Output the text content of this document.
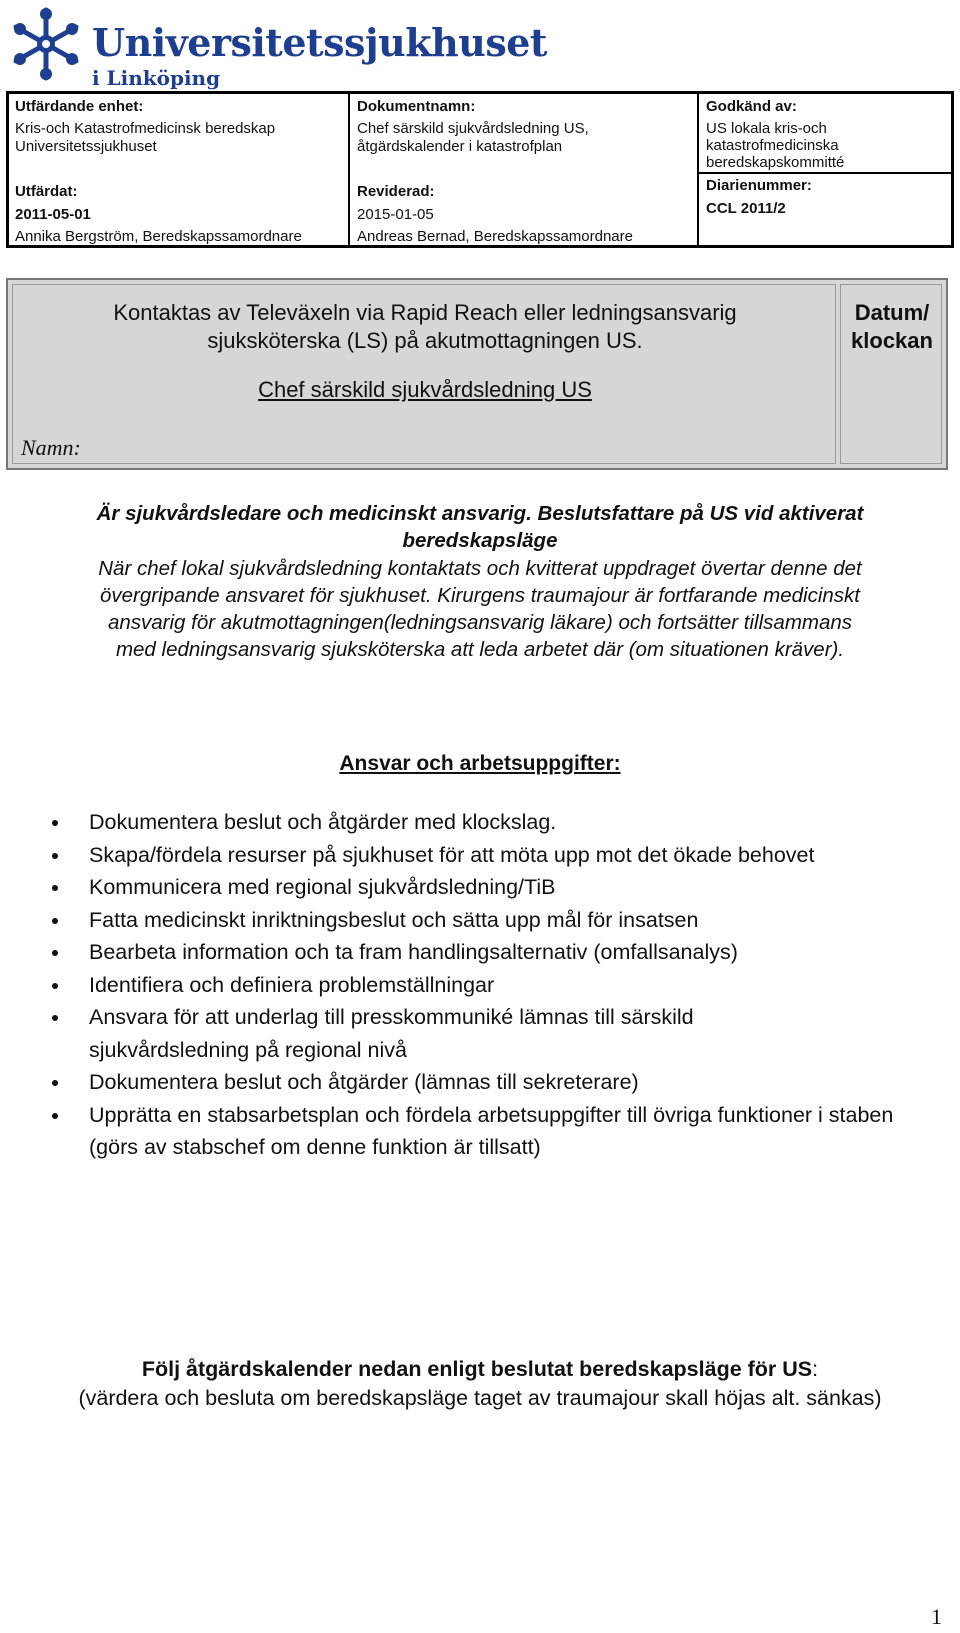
Universitetssjukhuset
i Linköping
Utfärdande enhet:
Kris-och Katastrofmedicinsk beredskap Universitetssjukhuset
Utfärdat:
2011-05-01
Annika Bergström, Beredskapssamordnare
Dokumentnamn:
Chef särskild sjukvårdsledning US,
åtgärdskalender i katastrofplan
Reviderad:
2015-01-05
Andreas Bernad, Beredskapssamordnare
Godkänd av:
US lokala kris-och
katastrofmedicinska
beredskapskommitté
Diarienummer:
CCL 2011/2
Kontaktas av Televäxeln via Rapid Reach eller ledningsansvarig
sjuksköterska (LS) på akutmottagningen US.
Chef särskild sjukvårdsledning US
Namn:
Datum/
klockan
Är sjukvårdsledare och medicinskt ansvarig. Beslutsfattare på US vid aktiverat
beredskapsläge
När chef lokal sjukvårdsledning kontaktats och kvitterat uppdraget övertar denne det
övergripande ansvaret för sjukhuset. Kirurgens traumajour är fortfarande medicinskt
ansvarig för akutmottagningen(ledningsansvarig läkare) och fortsätter tillsammans
med ledningsansvarig sjuksköterska att leda arbetet där (om situationen kräver).
Ansvar och arbetsuppgifter:
Dokumentera beslut och åtgärder med klockslag.
Skapa/fördela resurser på sjukhuset för att möta upp mot det ökade behovet
Kommunicera med regional sjukvårdsledning/TiB
Fatta medicinskt inriktningsbeslut och sätta upp mål för insatsen
Bearbeta information och ta fram handlingsalternativ (omfallsanalys)
Identifiera och definiera problemställningar
Ansvara för att underlag till presskommuniké lämnas till särskild sjukvårdsledning på regional nivå
Dokumentera beslut och åtgärder (lämnas till sekreterare)
Upprätta en stabsarbetsplan och fördela arbetsuppgifter till övriga funktioner i staben (görs av stabschef om denne funktion är tillsatt)
Följ åtgärdskalender nedan enligt beslutat beredskapsläge för US:
(värdera och besluta om beredskapsläge taget av traumajour skall höjas alt. sänkas)
1
